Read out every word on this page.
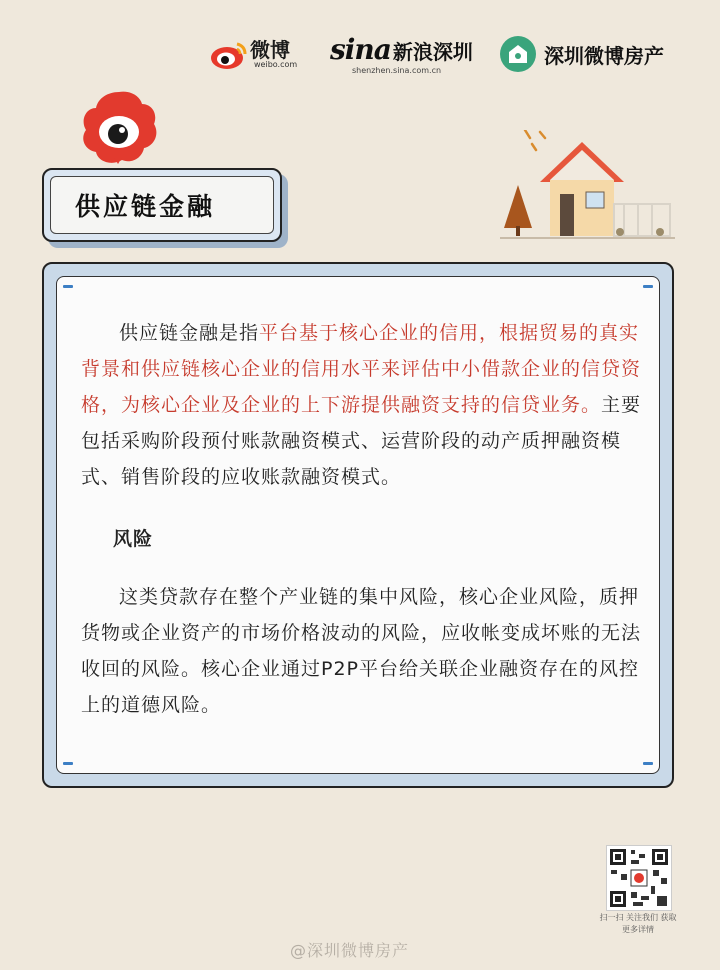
微博
weibo.com sina 新浪深圳
shenzhen.sina.com.cn
深圳微博房产
供应链金融

供应链金融是指平台基于核心企业的信用，根据贸易的真实背景和供应链核心企业的信用水平来评估中小借款企业的信贷资格，为核心企业及企业的上下游提供融资支持的信贷业务。主要包括采购阶段预付账款融资模式、运营阶段的动产质押融资模式、销售阶段的应收账款融资模式。

风险

这类贷款存在整个产业链的集中风险，核心企业风险，质押货物或企业资产的市场价格波动的风险，应收帐变成坏账的无法收回的风险。核心企业通过P2P平台给关联企业融资存在的风控上的道德风险。

扫一扫 关注我们 获取更多详情
@深圳微博房产
